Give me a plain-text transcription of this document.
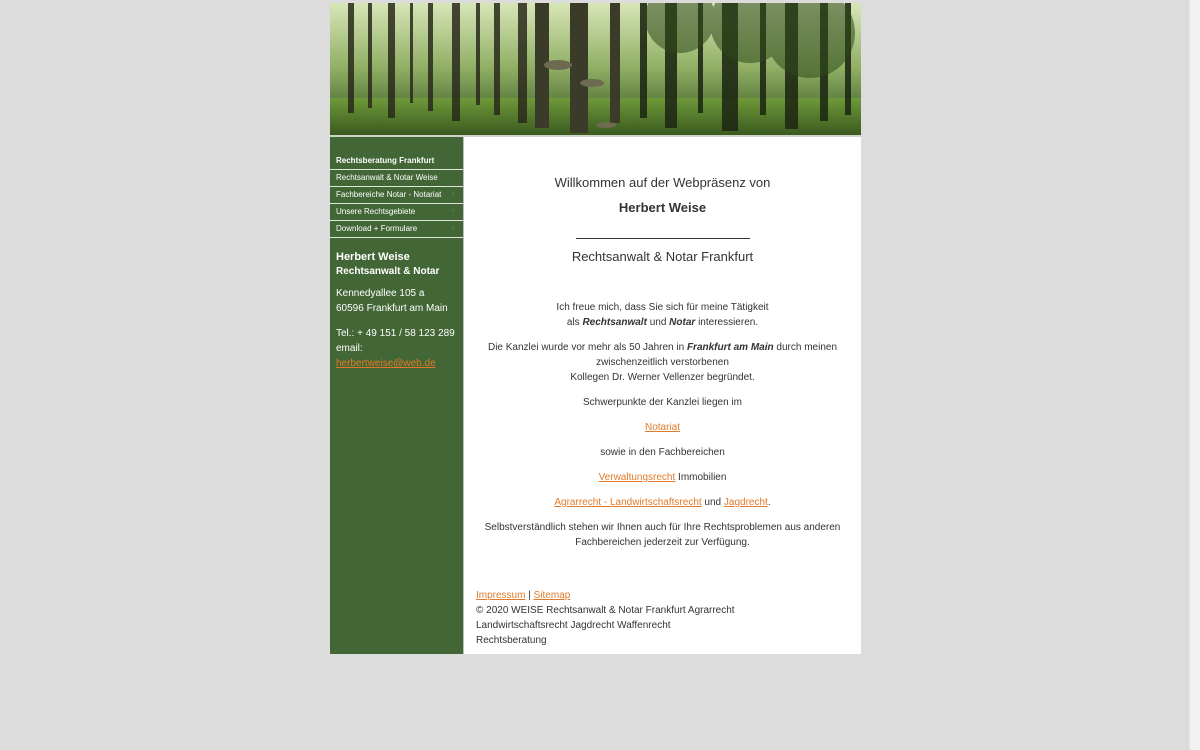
Rechtsberatung Frankfurt
Rechtsanwalt & Notar Weise
Fachbereiche Notar - Notariat +
Unsere Rechtsgebiete	+
Download + Formulare	+
Herbert Weise
Rechtsanwalt & Notar
Kennedyallee 105 a
60596 Frankfurt am Main
Tel.: + 49 151 / 58 123 289
email:
herbertweise@web.de
Willkommen auf der Webpräsenz von
Herbert Weise
Rechtsanwalt & Notar Frankfurt

Ich freue mich, dass Sie sich für meine Tätigkeit
als Rechtsanwalt und Notar interessieren.

Die Kanzlei wurde vor mehr als 50 Jahren in Frankfurt am Main durch meinen
zwischenzeitlich verstorbenen
Kollegen Dr. Werner Vellenzer begründet.

Schwerpunkte der Kanzlei liegen im

Notariat

sowie in den Fachbereichen

Verwaltungsrecht Immobilien

Agrarrecht - Landwirtschaftsrecht und Jagdrecht.

Selbstverständlich stehen wir Ihnen auch für Ihre Rechtsproblemen aus anderen
Fachbereichen jederzeit zur Verfügung.

Impressum | Sitemap
© 2020 WEISE Rechtsanwalt & Notar Frankfurt Agrarrecht
Landwirtschaftsrecht Jagdrecht Waffenrecht
Rechtsberatung
